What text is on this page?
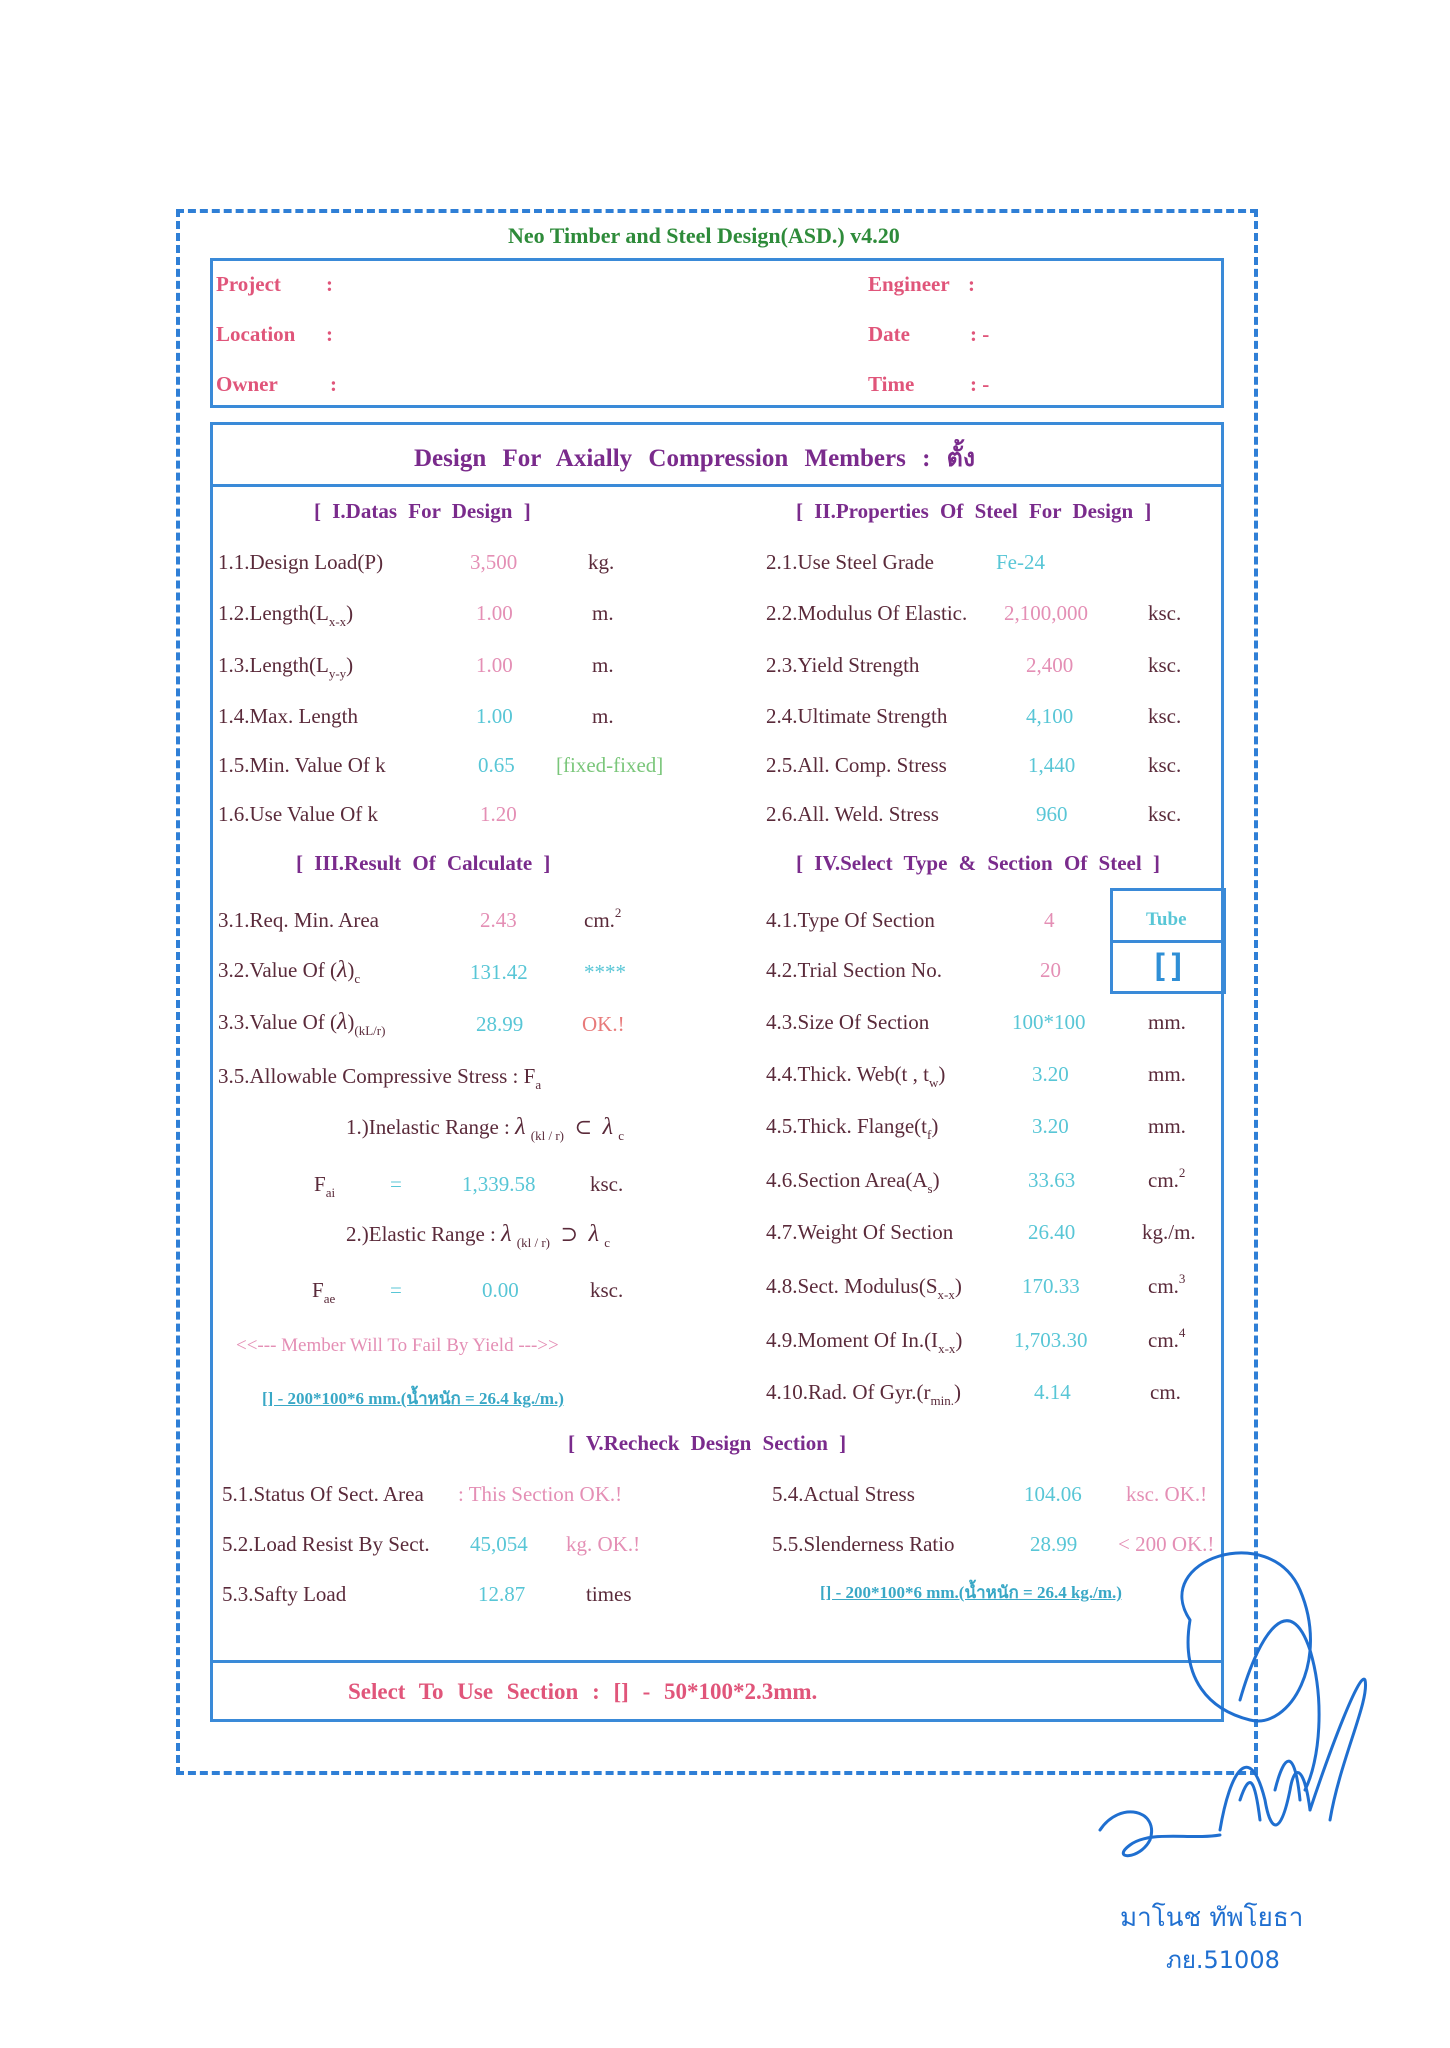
Neo Timber and Steel Design(ASD.) v4.20
Project :
Location :
Owner :
Engineer :
Date	: -
Time	: -
Design For Axially Compression Members : ตั้ง
[ I.Datas For Design ]	[ II.Properties Of Steel For Design ]
[ III.Result Of Calculate ]	[ IV.Select Type & Section Of Steel ]
[ V.Recheck Design Section ]
1.1.Design Load(P)	3,500	kg.
$1.2.Length(L_{x-x})$	1.00	m.
$1.3.Length(L_{y-y})$	1.00	m.
1.4.Max. Length	1.00	m.
1.5.Min. Value Of k	0.65 [fixed-fixed]
1.6.Use Value Of k	1.20
2.1.Use Steel Grade	Fe-24
2.2.Modulus Of Elastic. 2,100,000	ksc.
2.3.Yield Strength	2,400	ksc.
2.4.Ultimate Strength	4,100	ksc.
2.5.All. Comp. Stress	1,440	ksc.
2.6.All. Weld. Stress	960	ksc.
3.1.Req. Min. Area	2.43	cm.$^2$
3.2.Value Of $(\lambda)_c$	131.42	****
3.3.Value Of $(\lambda)_{(kL/r)}$	28.99	OK.!
3.5.Allowable Compressive Stress : $F_a$
1.)Inelastic Range : λ $_{(kl / r)}$ ⊂ λ $_c$
$F_{ai}$	=	1,339.58	ksc.
2.)Elastic Range : λ $_{(kl / r)}$ ⊃ λ $_c$
$F_{ae}$	=	0.00	ksc.
<<--- Member Will To Fail By Yield --->>
[] - 200*100*6 mm.(น้ำหนัก = 26.4 kg./m.)
4.1.Type Of Section	4	Tube
4.2.Trial Section No.	20	[]
4.3.Size Of Section	100*100	mm.
4.4.Thick. Web(t , $t_w$)	3.20	mm.
4.5.Thick. $Flange(t_f)$	3.20	mm.
4.6.Section $Area(A_s)$	33.63	cm.$^2$
4.7.Weight Of Section	26.40	kg./m.
4.8.Sect. $Modulus(S_{x-x})$	170.33	cm.$^3$
4.9.Moment Of $In.(I_{x-x})$ 1,703.30	cm.$^4$
4.10.Rad. Of $Gyr.(r_{min.})$	4.14	cm.
5.1.Status Of Sect. Area : This Section OK.!
5.2.Load Resist By Sect. 45,054 kg. OK.!
5.3.Safty Load	12.87	times
5.4.Actual Stress	104.06 ksc. OK.!
5.5.Slenderness Ratio	28.99 < 200 OK.!
[] - 200*100*6 mm.(น้ำหนัก = 26.4 kg./m.)
Select To Use Section : [] - 50*100*2.3mm.
มาโนช ทัพโยธา
ภย.51008
